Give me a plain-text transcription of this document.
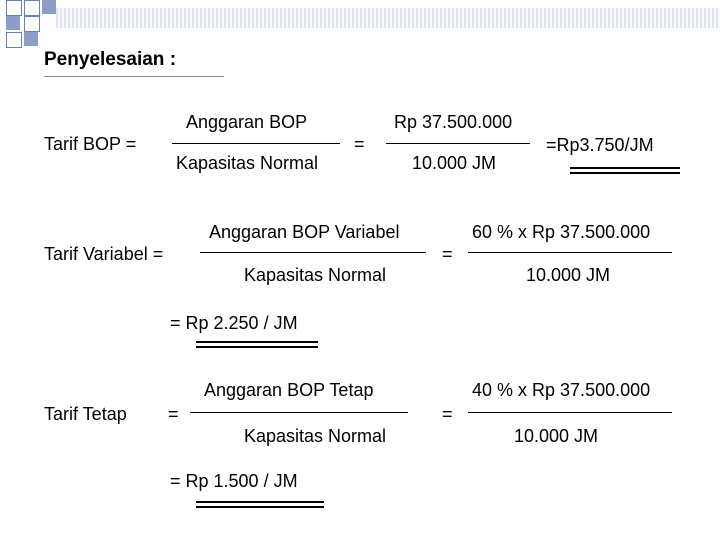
Penyelesaian :
Tarif BOP =
Anggaran BOP
Kapasitas Normal
=
Rp 37.500.000
10.000 JM
=Rp3.750/JM
Tarif Variabel =
Anggaran BOP Variabel
Kapasitas Normal
=
60 % x Rp 37.500.000
10.000 JM
= Rp 2.250 / JM
Tarif Tetap =
Anggaran BOP Tetap
Kapasitas Normal
=
40 % x Rp 37.500.000
10.000 JM
= Rp 1.500 / JM
